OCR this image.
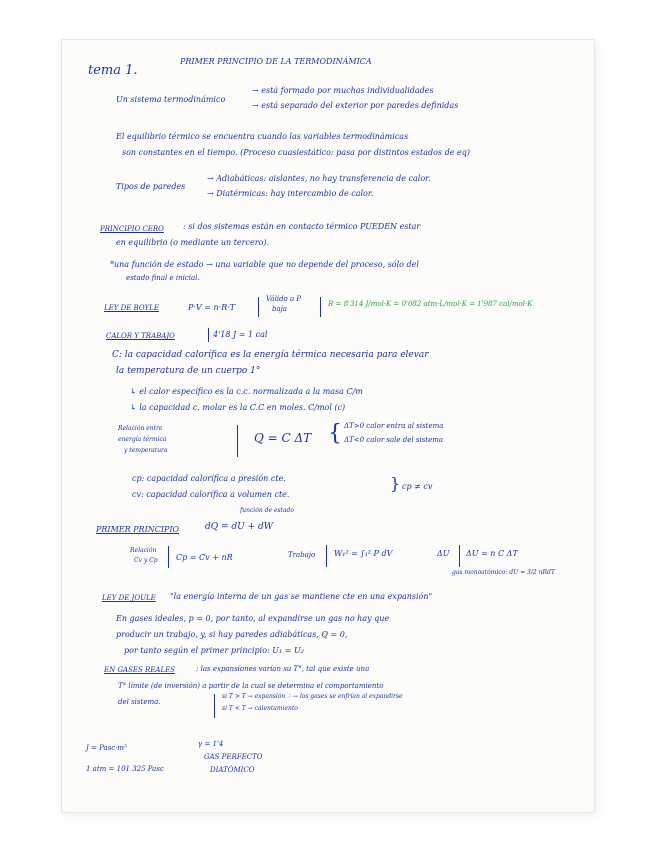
tema 1.
PRIMER PRINCIPIO DE LA TERMODINÁMICA
Un sistema termodinámico
→ está formado por muchas individualidades
→ está separado del exterior por paredes definidas
El equilibrio térmico se encuentra cuando las variables termodinámicas
son constantes en el tiempo. (Proceso cuasiestático: pasa por distintos estados de eq)
Tipos de paredes
→ Adiabáticas: aislantes, no hay transferencia de calor.
→ Diatérmicas: hay intercambio de calor.
PRINCIPIO CERO : si dos sistemas están en contacto térmico PUEDEN estar
en equilibrio (o mediante un tercero).
*una función de estado → una variable que no depende del proceso, sólo del
estado final e inicial.
LEY DE BOYLE	P·V = n·R·T
Válido a P
baja
R = 8'314 J/mol·K = 0'082 atm·L/mol·K = 1'987 cal/mol·K
CALOR Y TRABAJO	4'18 J = 1 cal
C: la capacidad calorífica es la energía térmica necesaria para elevar
la temperatura de un cuerpo 1°
↳ el calor específico es la c.c. normalizada a la masa C/m
↳ la capacidad c. molar es la C.C en moles. C/mol (c)
Relación entre
energía térmica
y temperatura
Q = C ΔT { ΔT>0 calor entra al sistema
ΔT<0 calor sale del sistema
cp: capacidad calorífica a presión cte.
cv: capacidad calorífica a volumen cte.
} cp ≠ cv
función de estado
PRIMER PRINCIPIO	dQ = dU + dW
Relación
Cv y Cp Cp = Cv + nR	Trabajo W₁² = ∫₁² P dV	ΔU ΔU = n C ΔT
gas monoatómico: dU = 3/2 nRdT
LEY DE JOULE "la energía interna de un gas se mantiene cte en una expansión"
En gases ideales, p = 0, por tanto, al expandirse un gas no hay que
producir un trabajo, y, si hay paredes adiabáticas, Q = 0,
por tanto según el primer principio: U₁ = U₂
EN GASES REALES	: las expansiones varían su T°, tal que existe una
T° límite (de inversión) a partir de la cual se determina el comportamiento
del sistema.
si T > T → expansión ∴ → los gases se enfrían al expandirse
si T < T → calentamiento
J = Pasc·m³
1 atm = 101 325 Pasc
γ = 1'4
GAS PERFECTO
DIATÓMICO
